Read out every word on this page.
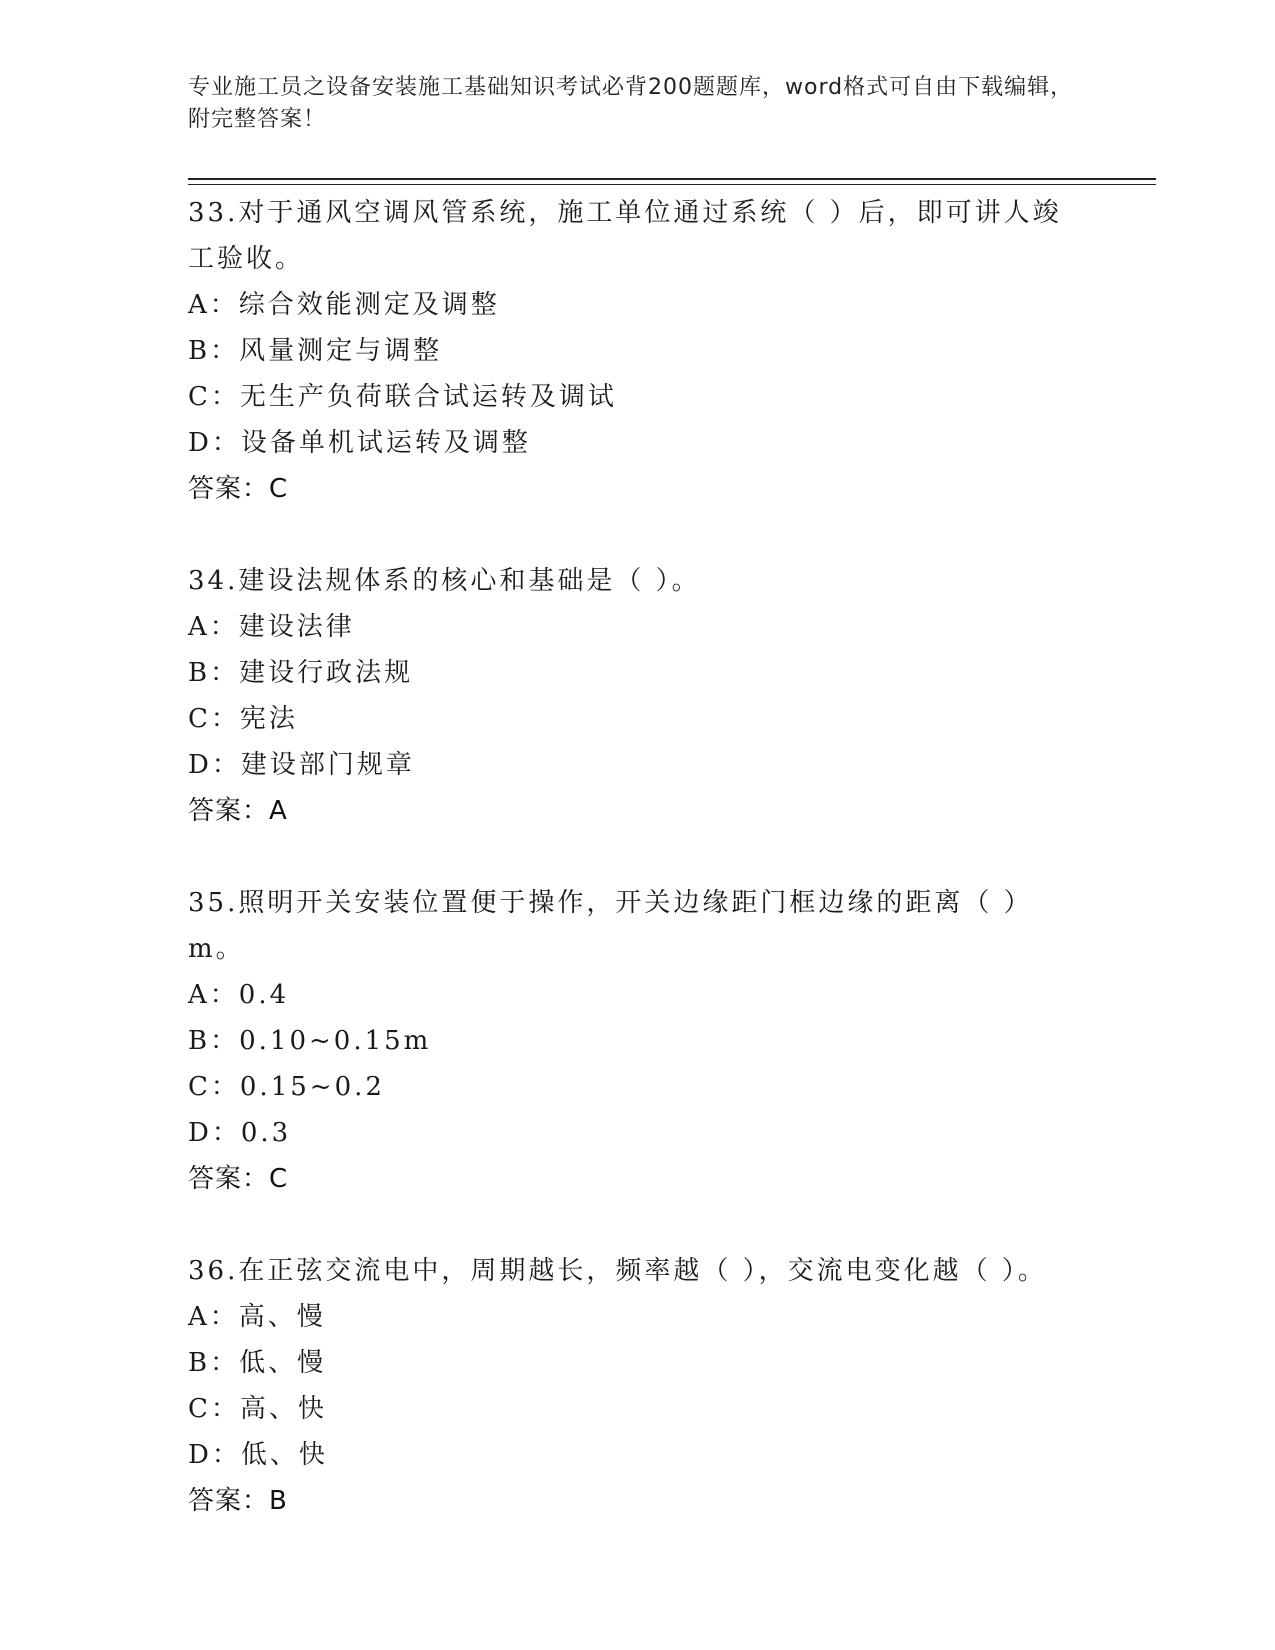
专业施工员之设备安装施工基础知识考试必背200题题库，word格式可自由下载编辑，附完整答案！
33.对于通风空调风管系统，施工单位通过系统（ ）后，即可讲人竣工验收。
A：综合效能测定及调整
B：风量测定与调整
C：无生产负荷联合试运转及调试
D：设备单机试运转及调整
答案：C
34.建设法规体系的核心和基础是（ ）。
A：建设法律
B：建设行政法规
C：宪法
D：建设部门规章
答案：A
35.照明开关安装位置便于操作，开关边缘距门框边缘的距离（ ）m。
A：0.4
B：0.10~0.15m
C：0.15~0.2
D：0.3
答案：C
36.在正弦交流电中，周期越长，频率越（ ），交流电变化越（ ）。
A：高、慢
B：低、慢
C：高、快
D：低、快
答案：B
